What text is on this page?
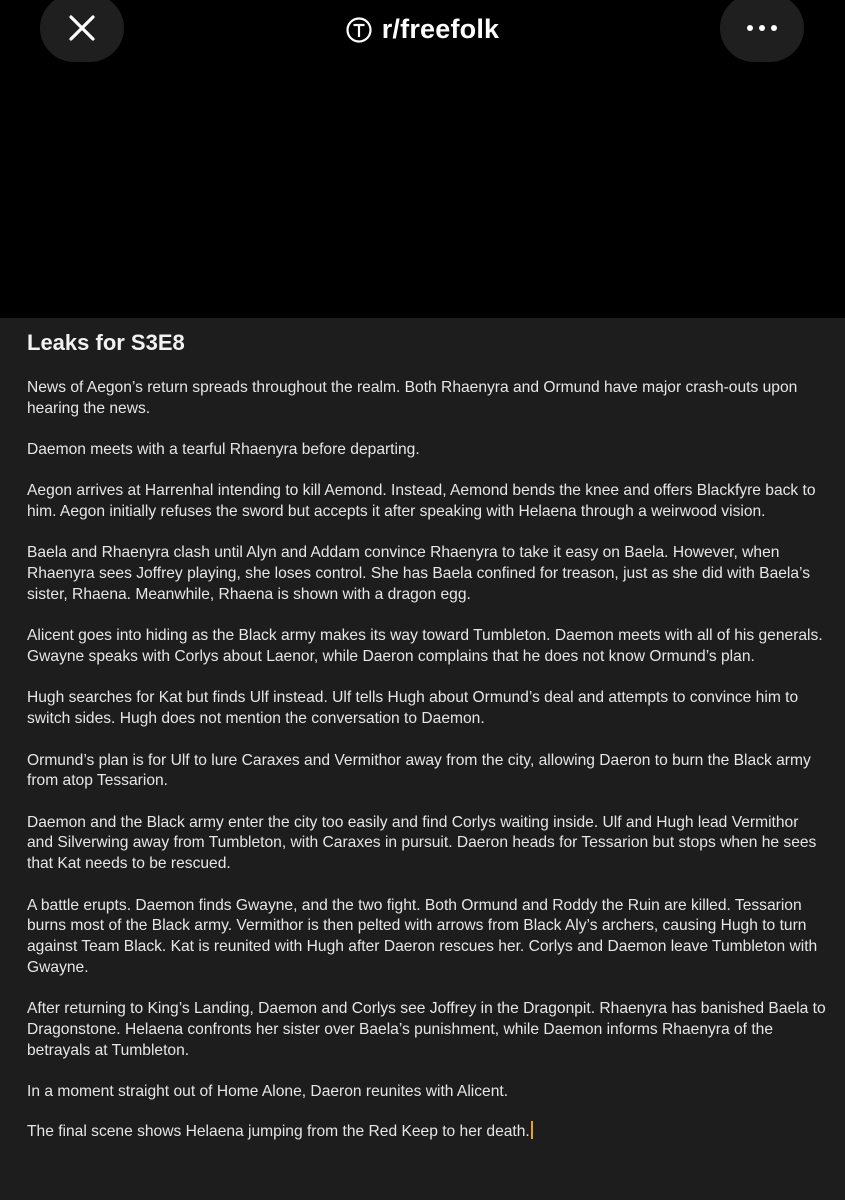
r/freefolk
Leaks for S3E8

News of Aegon’s return spreads throughout the realm. Both Rhaenyra and Ormund have major crash-outs upon hearing the news.

Daemon meets with a tearful Rhaenyra before departing.

Aegon arrives at Harrenhal intending to kill Aemond. Instead, Aemond bends the knee and offers Blackfyre back to him. Aegon initially refuses the sword but accepts it after speaking with Helaena through a weirwood vision.

Baela and Rhaenyra clash until Alyn and Addam convince Rhaenyra to take it easy on Baela. However, when Rhaenyra sees Joffrey playing, she loses control. She has Baela confined for treason, just as she did with Baela’s sister, Rhaena. Meanwhile, Rhaena is shown with a dragon egg.

Alicent goes into hiding as the Black army makes its way toward Tumbleton. Daemon meets with all of his generals. Gwayne speaks with Corlys about Laenor, while Daeron complains that he does not know Ormund’s plan.

Hugh searches for Kat but finds Ulf instead. Ulf tells Hugh about Ormund’s deal and attempts to convince him to switch sides. Hugh does not mention the conversation to Daemon.

Ormund’s plan is for Ulf to lure Caraxes and Vermithor away from the city, allowing Daeron to burn the Black army from atop Tessarion.

Daemon and the Black army enter the city too easily and find Corlys waiting inside. Ulf and Hugh lead Vermithor and Silverwing away from Tumbleton, with Caraxes in pursuit. Daeron heads for Tessarion but stops when he sees that Kat needs to be rescued.

A battle erupts. Daemon finds Gwayne, and the two fight. Both Ormund and Roddy the Ruin are killed. Tessarion burns most of the Black army. Vermithor is then pelted with arrows from Black Aly’s archers, causing Hugh to turn against Team Black. Kat is reunited with Hugh after Daeron rescues her. Corlys and Daemon leave Tumbleton with Gwayne.

After returning to King’s Landing, Daemon and Corlys see Joffrey in the Dragonpit. Rhaenyra has banished Baela to Dragonstone. Helaena confronts her sister over Baela’s punishment, while Daemon informs Rhaenyra of the betrayals at Tumbleton.

In a moment straight out of Home Alone, Daeron reunites with Alicent.

The final scene shows Helaena jumping from the Red Keep to her death.
